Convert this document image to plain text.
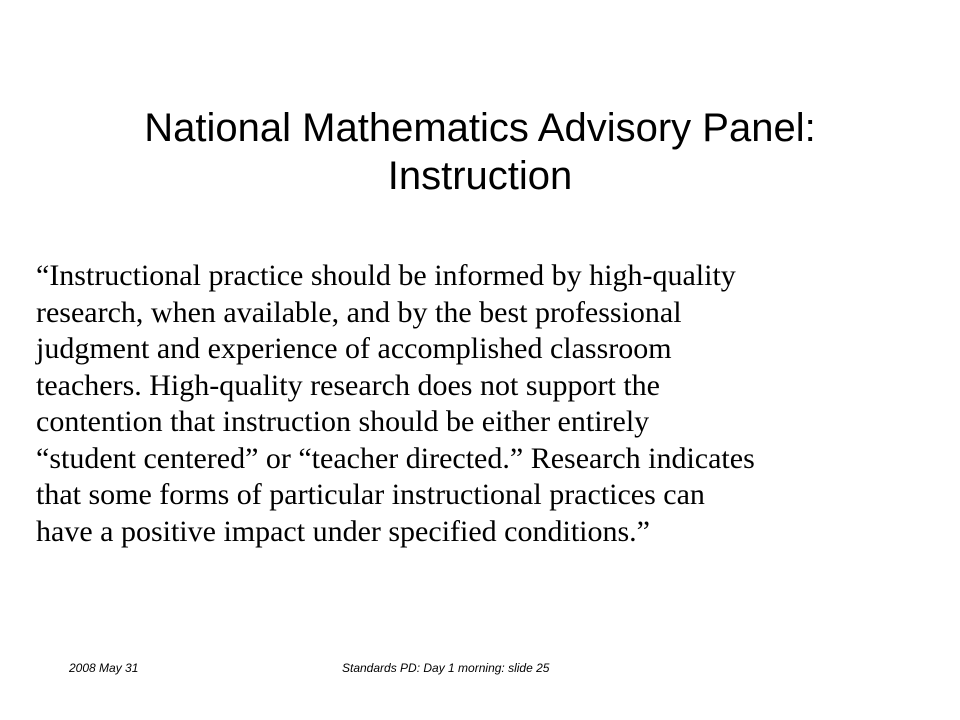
National Mathematics Advisory Panel:
Instruction

“Instructional practice should be informed by high-quality
research, when available, and by the best professional
judgment and experience of accomplished classroom
teachers. High-quality research does not support the
contention that instruction should be either entirely
“student centered” or “teacher directed.” Research indicates
that some forms of particular instructional practices can
have a positive impact under specified conditions.”

2008 May 31	Standards PD: Day 1 morning: slide 25
